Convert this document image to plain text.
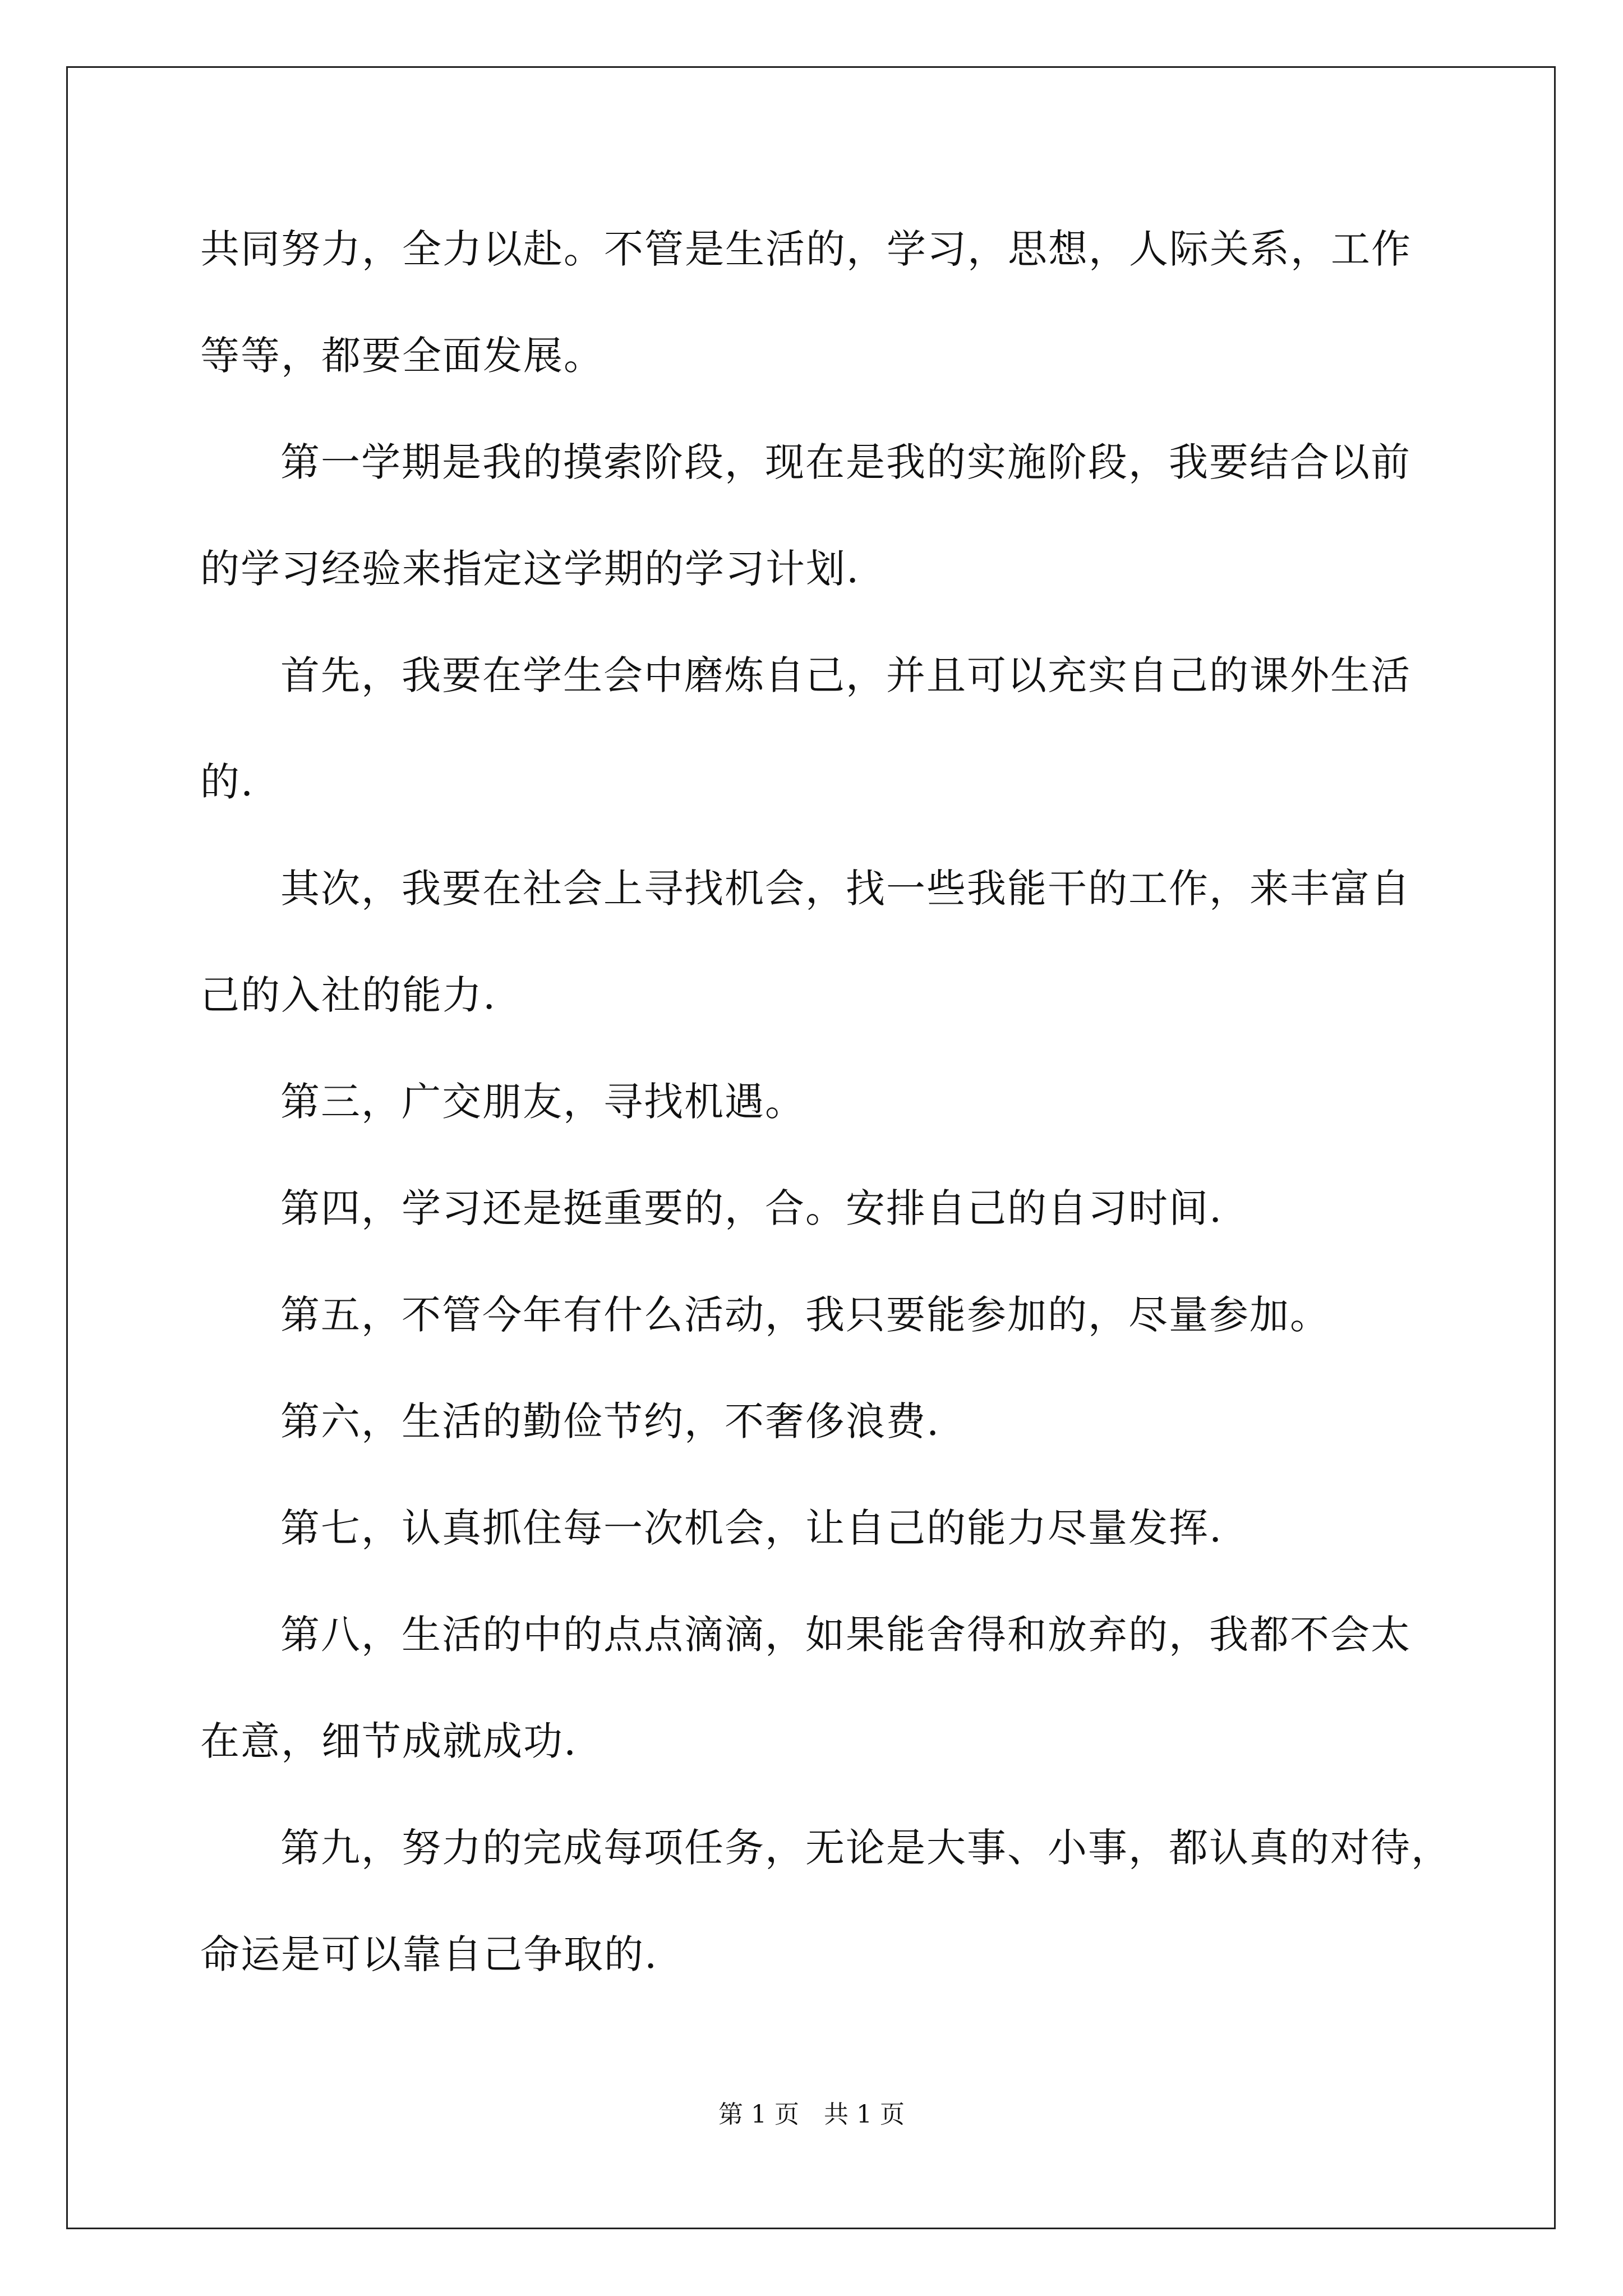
共同努力，全力以赴。不管是生活的，学习，思想，人际关系，工作
等等，都要全面发展。
第一学期是我的摸索阶段，现在是我的实施阶段，我要结合以前
的学习经验来指定这学期的学习计划.
首先，我要在学生会中磨炼自己，并且可以充实自己的课外生活
的.
其次，我要在社会上寻找机会，找一些我能干的工作，来丰富自
己的入社的能力.
第三，广交朋友，寻找机遇。
第四，学习还是挺重要的，合。安排自己的自习时间.
第五，不管今年有什么活动，我只要能参加的，尽量参加。
第六，生活的勤俭节约，不奢侈浪费.
第七，认真抓住每一次机会，让自己的能力尽量发挥.
第八，生活的中的点点滴滴，如果能舍得和放弃的，我都不会太
在意，细节成就成功.
第九，努力的完成每项任务，无论是大事、小事，都认真的对待，
命运是可以靠自己争取的.
第 1 页　共 1 页
